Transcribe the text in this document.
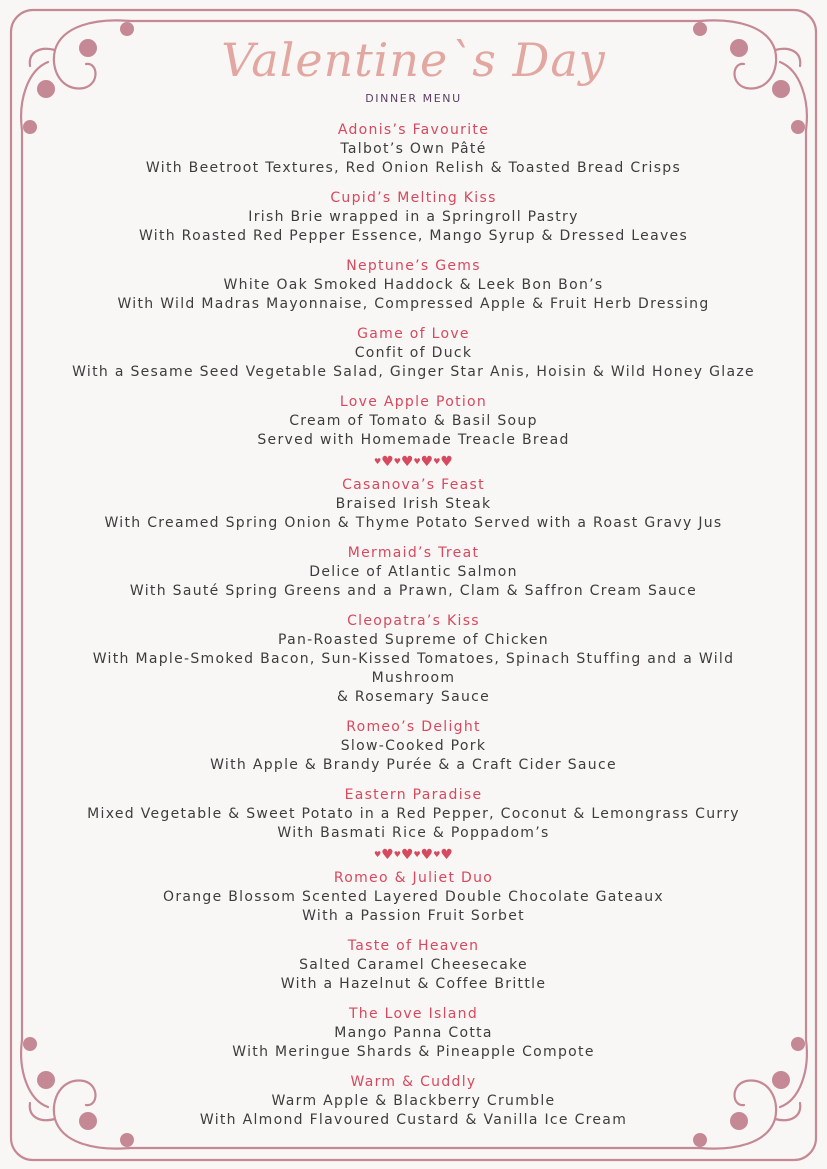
Valentine`s Day
DINNER MENU
Adonis’s Favourite
Talbot’s Own Pâté
With Beetroot Textures, Red Onion Relish & Toasted Bread Crisps
Cupid’s Melting Kiss
Irish Brie wrapped in a Springroll Pastry
With Roasted Red Pepper Essence, Mango Syrup & Dressed Leaves
Neptune’s Gems
White Oak Smoked Haddock & Leek Bon Bon’s
With Wild Madras Mayonnaise, Compressed Apple & Fruit Herb Dressing
Game of Love
Confit of Duck
With a Sesame Seed Vegetable Salad, Ginger Star Anis, Hoisin & Wild Honey Glaze
Love Apple Potion
Cream of Tomato & Basil Soup
Served with Homemade Treacle Bread
♥♥♥♥♥♥♥♥
Casanova’s Feast
Braised Irish Steak
With Creamed Spring Onion & Thyme Potato Served with a Roast Gravy Jus
Mermaid’s Treat
Delice of Atlantic Salmon
With Sauté Spring Greens and a Prawn, Clam & Saffron Cream Sauce
Cleopatra’s Kiss
Pan-Roasted Supreme of Chicken
With Maple-Smoked Bacon, Sun-Kissed Tomatoes, Spinach Stuffing and a Wild Mushroom
& Rosemary Sauce
Romeo’s Delight
Slow-Cooked Pork
With Apple & Brandy Purée & a Craft Cider Sauce
Eastern Paradise
Mixed Vegetable & Sweet Potato in a Red Pepper, Coconut & Lemongrass Curry
With Basmati Rice & Poppadom’s
♥♥♥♥♥♥♥♥
Romeo & Juliet Duo
Orange Blossom Scented Layered Double Chocolate Gateaux
With a Passion Fruit Sorbet
Taste of Heaven
Salted Caramel Cheesecake
With a Hazelnut & Coffee Brittle
The Love Island
Mango Panna Cotta
With Meringue Shards & Pineapple Compote
Warm & Cuddly
Warm Apple & Blackberry Crumble
With Almond Flavoured Custard & Vanilla Ice Cream
